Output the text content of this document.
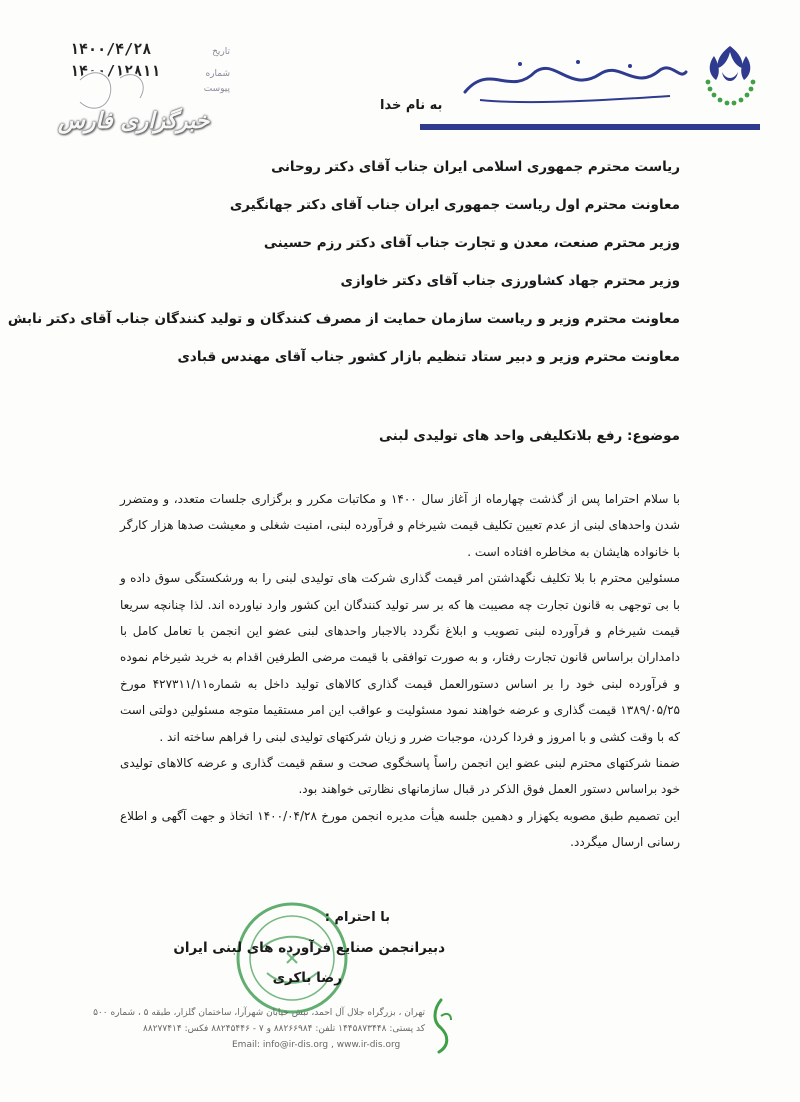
۱۴۰۰/۴/۲۸	تاریخ
۱۴۰۰/۱۲۸۱۱	شماره
پیوست
خبرگزاری فارس
به نام خدا
ریاست محترم جمهوری اسلامی ایران جناب آقای دکتر روحانی
معاونت محترم اول ریاست جمهوری ایران جناب آقای دکتر جهانگیری
وزیر محترم صنعت، معدن و تجارت جناب آقای دکتر رزم حسینی
وزیر محترم جهاد کشاورزی جناب آقای دکتر خاوازی
معاونت محترم وزیر و ریاست سازمان حمایت از مصرف کنندگان و تولید کنندگان جناب آقای دکتر نابش
معاونت محترم وزیر و دبیر ستاد تنظیم بازار کشور جناب آقای مهندس قبادی
موضوع: رفع بلاتکلیفی واحد های تولیدی لبنی

با سلام احتراما پس از گذشت چهارماه از آغاز سال ۱۴۰۰ و مکاتبات مکرر و برگزاری جلسات متعدد، و ومتضرر شدن واحدهای لبنی از عدم تعیین تکلیف قیمت شیرخام و فرآورده لبنی، امنیت شغلی و معیشت صدها هزار کارگر با خانواده هایشان به مخاطره افتاده است .

مسئولین محترم با بلا تکلیف نگهداشتن امر قیمت گذاری شرکت های تولیدی لبنی را به ورشکستگی سوق داده و با بی توجهی به قانون تجارت چه مصیبت ها که بر سر تولید کنندگان این کشور وارد نیاورده اند. لذا چنانچه سریعا قیمت شیرخام و فرآورده لبنی تصویب و ابلاغ نگردد بالاجبار واحدهای لبنی عضو این انجمن با تعامل کامل با دامداران براساس قانون تجارت رفتار، و به صورت توافقی با قیمت مرضی الطرفین اقدام به خرید شیرخام نموده و فرآورده لبنی خود را بر اساس دستورالعمل قیمت گذاری کالاهای تولید داخل به شماره۴۲۷۳۱۱/۱۱ مورخ ۱۳۸۹/۰۵/۲۵ قیمت گذاری و عرضه خواهند نمود مسئولیت و عواقب این امر مستقیما متوجه مسئولین دولتی است که با وقت کشی و با امروز و فردا کردن، موجبات ضرر و زیان شرکتهای تولیدی لبنی را فراهم ساخته اند .

ضمنا شرکتهای محترم لبنی عضو این انجمن راساً پاسخگوی صحت و سقم قیمت گذاری و عرضه کالاهای تولیدی خود براساس دستور العمل فوق الذکر در قبال سازمانهای نظارتی خواهند بود.

این تصمیم طبق مصوبه یکهزار و دهمین جلسه هیأت مدیره انجمن مورخ ۱۴۰۰/۰۴/۲۸ اتخاذ و جهت آگهی و اطلاع رسانی ارسال میگردد.

با احترام :
دبیرانجمن صنایع فرآورده های لبنی ایران
رضا باکری
تهران ، بزرگراه جلال آل احمد، نبش خیابان شهرآرا، ساختمان گلزار، طبقه ۵ ، شماره ۵۰۰
کد پستی: ۱۴۴۵۸۷۳۴۴۸ تلفن: ۸۸۲۶۶۹۸۴ و ۷ - ۸۸۲۴۵۴۴۶ فکس: ۸۸۲۷۷۴۱۴
Email: info@ir-dis.org , www.ir-dis.org
